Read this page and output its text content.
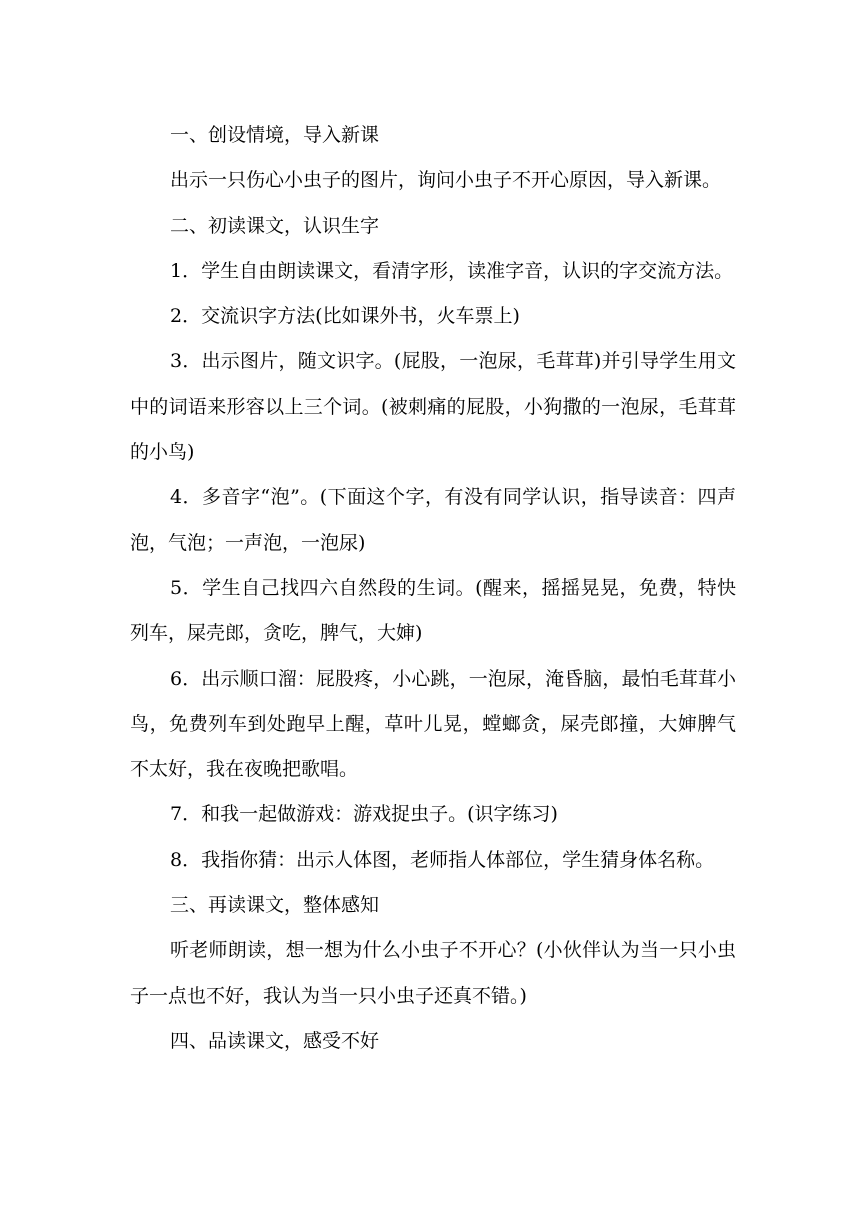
一、创设情境，导入新课

出示一只伤心小虫子的图片，询问小虫子不开心原因，导入新课。

二、初读课文，认识生字

1．学生自由朗读课文，看清字形，读准字音，认识的字交流方法。

2．交流识字方法(比如课外书，火车票上)

3．出示图片，随文识字。(屁股，一泡尿，毛茸茸)并引导学生用文中的词语来形容以上三个词。(被刺痛的屁股，小狗撒的一泡尿，毛茸茸的小鸟)

4．多音字“泡”。(下面这个字，有没有同学认识，指导读音：四声泡，气泡；一声泡，一泡尿)

5．学生自己找四六自然段的生词。(醒来，摇摇晃晃，免费，特快列车，屎壳郎，贪吃，脾气，大婶)

6．出示顺口溜：屁股疼，小心跳，一泡尿，淹昏脑，最怕毛茸茸小鸟，免费列车到处跑早上醒，草叶儿晃，螳螂贪，屎壳郎撞，大婶脾气不太好，我在夜晚把歌唱。

7．和我一起做游戏：游戏捉虫子。(识字练习)

8．我指你猜：出示人体图，老师指人体部位，学生猜身体名称。

三、再读课文，整体感知

听老师朗读，想一想为什么小虫子不开心？(小伙伴认为当一只小虫子一点也不好，我认为当一只小虫子还真不错。)

四、品读课文，感受不好
